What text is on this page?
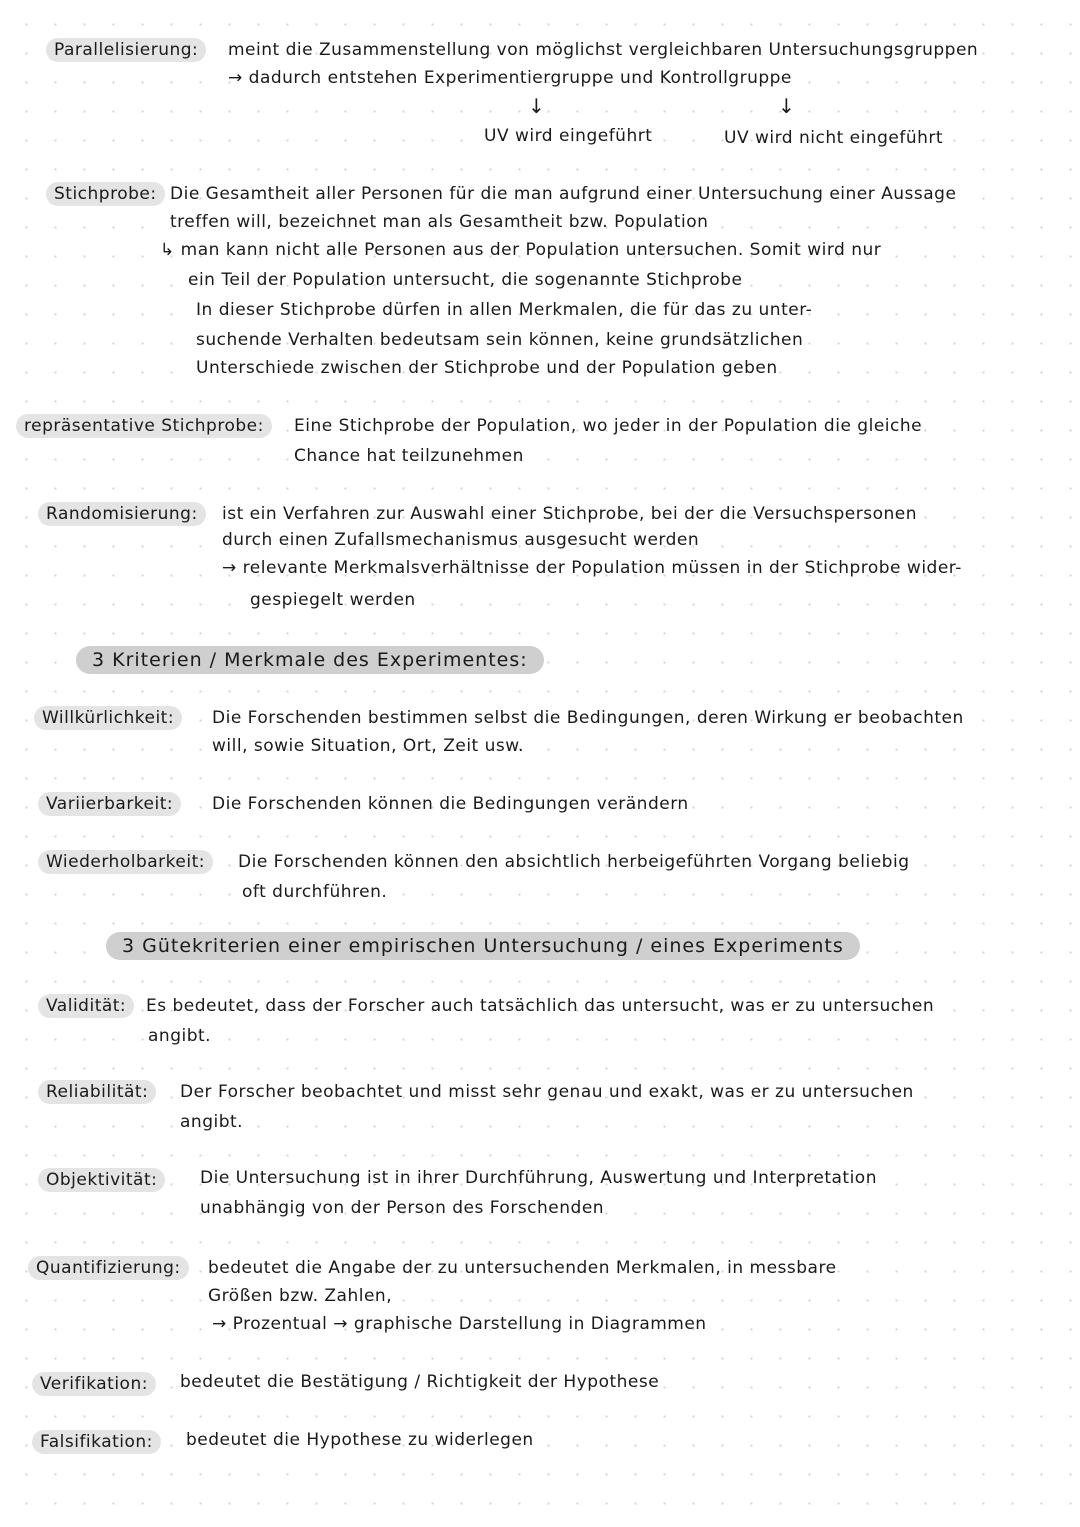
Parallelisierung:	meint die Zusammenstellung von möglichst vergleichbaren Untersuchungsgruppen
→ dadurch entstehen Experimentiergruppe und Kontrollgruppe
↓	↓
UV wird eingeführt	UV wird nicht eingeführt
Stichprobe: Die Gesamtheit aller Personen für die man aufgrund einer Untersuchung einer Aussage
treffen will, bezeichnet man als Gesamtheit bzw. Population
↳ man kann nicht alle Personen aus der Population untersuchen. Somit wird nur
ein Teil der Population untersucht, die sogenannte Stichprobe
In dieser Stichprobe dürfen in allen Merkmalen, die für das zu unter-
suchende Verhalten bedeutsam sein können, keine grundsätzlichen
Unterschiede zwischen der Stichprobe und der Population geben
repräsentative Stichprobe:	Eine Stichprobe der Population, wo jeder in der Population die gleiche
Chance hat teilzunehmen
Randomisierung:	ist ein Verfahren zur Auswahl einer Stichprobe, bei der die Versuchspersonen
durch einen Zufallsmechanismus ausgesucht werden
→ relevante Merkmalsverhältnisse der Population müssen in der Stichprobe wider-
gespiegelt werden
3 Kriterien / Merkmale des Experimentes:
Willkürlichkeit:	Die Forschenden bestimmen selbst die Bedingungen, deren Wirkung er beobachten
will, sowie Situation, Ort, Zeit usw.
Variierbarkeit:	Die Forschenden können die Bedingungen verändern
Wiederholbarkeit:	Die Forschenden können den absichtlich herbeigeführten Vorgang beliebig
oft durchführen.
3 Gütekriterien einer empirischen Untersuchung / eines Experiments
Validität:	Es bedeutet, dass der Forscher auch tatsächlich das untersucht, was er zu untersuchen
angibt.
Reliabilität:	Der Forscher beobachtet und misst sehr genau und exakt, was er zu untersuchen
angibt.
Objektivität:	Die Untersuchung ist in ihrer Durchführung, Auswertung und Interpretation
unabhängig von der Person des Forschenden
Quantifizierung:	bedeutet die Angabe der zu untersuchenden Merkmalen, in messbare
Größen bzw. Zahlen,
→ Prozentual → graphische Darstellung in Diagrammen
Verifikation:	bedeutet die Bestätigung / Richtigkeit der Hypothese
Falsifikation:	bedeutet die Hypothese zu widerlegen
